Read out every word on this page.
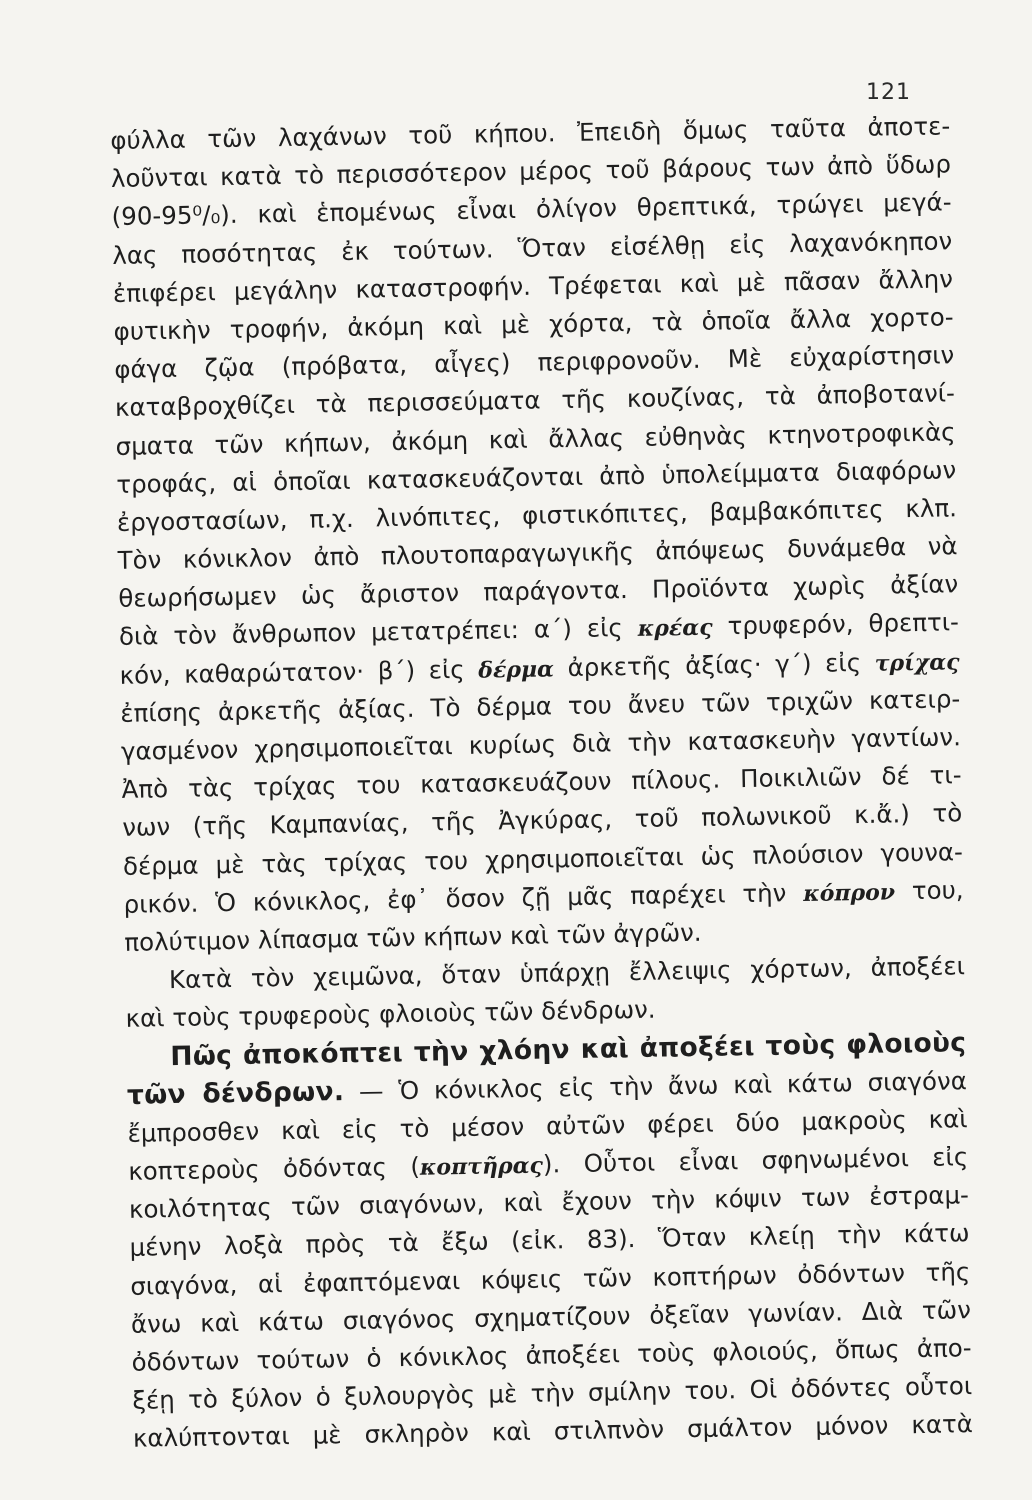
121
φύλλα τῶν λαχάνων τοῦ κήπου. Ἐπειδὴ ὅμως ταῦτα ἀποτε-
λοῦνται κατὰ τὸ περισσότερον μέρος τοῦ βάρους των ἀπὸ ὕδωρ
(90-95⁰/₀). καὶ ἑπομένως εἶναι ὀλίγον θρεπτικά, τρώγει μεγά-
λας ποσότητας ἐκ τούτων. Ὅταν εἰσέλθῃ εἰς λαχανόκηπον
ἐπιφέρει μεγάλην καταστροφήν. Τρέφεται καὶ μὲ πᾶσαν ἄλλην
φυτικὴν τροφήν, ἀκόμη καὶ μὲ χόρτα, τὰ ὁποῖα ἄλλα χορτο-
φάγα ζῷα (πρόβατα, αἶγες) περιφρονοῦν. Μὲ εὐχαρίστησιν
καταβροχθίζει τὰ περισσεύματα τῆς κουζίνας, τὰ ἀποβοτανί-
σματα τῶν κήπων, ἀκόμη καὶ ἄλλας εὐθηνὰς κτηνοτροφικὰς
τροφάς, αἱ ὁποῖαι κατασκευάζονται ἀπὸ ὑπολείμματα διαφόρων
ἐργοστασίων, π.χ. λινόπιτες, φιστικόπιτες, βαμβακόπιτες κλπ.
Τὸν κόνικλον ἀπὸ πλουτοπαραγωγικῆς ἀπόψεως δυνάμεθα νὰ
θεωρήσωμεν ὡς ἄριστον παράγοντα. Προϊόντα χωρὶς ἀξίαν
διὰ τὸν ἄνθρωπον μετατρέπει: α΄) εἰς κρέας τρυφερόν, θρεπτι-
κόν, καθαρώτατον· β΄) εἰς δέρμα ἀρκετῆς ἀξίας· γ΄) εἰς τρίχας
ἐπίσης ἀρκετῆς ἀξίας. Τὸ δέρμα του ἄνευ τῶν τριχῶν κατειρ-
γασμένον χρησιμοποιεῖται κυρίως διὰ τὴν κατασκευὴν γαντίων.
Ἀπὸ τὰς τρίχας του κατασκευάζουν πίλους. Ποικιλιῶν δέ τι-
νων (τῆς Καμπανίας, τῆς Ἀγκύρας, τοῦ πολωνικοῦ κ.ἄ.) τὸ
δέρμα μὲ τὰς τρίχας του χρησιμοποιεῖται ὡς πλούσιον γουνα-
ρικόν. Ὁ κόνικλος, ἐφ᾽ ὅσον ζῇ μᾶς παρέχει τὴν κόπρον του,
πολύτιμον λίπασμα τῶν κήπων καὶ τῶν ἀγρῶν.
Κατὰ τὸν χειμῶνα, ὅταν ὑπάρχῃ ἔλλειψις χόρτων, ἀποξέει
καὶ τοὺς τρυφεροὺς φλοιοὺς τῶν δένδρων.
Πῶς ἀποκόπτει τὴν χλόην καὶ ἀποξέει τοὺς φλοιοὺς
τῶν δένδρων. — Ὁ κόνικλος εἰς τὴν ἄνω καὶ κάτω σιαγόνα
ἔμπροσθεν καὶ εἰς τὸ μέσον αὐτῶν φέρει δύο μακροὺς καὶ
κοπτεροὺς ὀδόντας (κοπτῆρας). Οὗτοι εἶναι σφηνωμένοι εἰς
κοιλότητας τῶν σιαγόνων, καὶ ἔχουν τὴν κόψιν των ἐστραμ-
μένην λοξὰ πρὸς τὰ ἔξω (εἰκ. 83). Ὅταν κλείῃ τὴν κάτω
σιαγόνα, αἱ ἐφαπτόμεναι κόψεις τῶν κοπτήρων ὀδόντων τῆς
ἄνω καὶ κάτω σιαγόνος σχηματίζουν ὀξεῖαν γωνίαν. Διὰ τῶν
ὀδόντων τούτων ὁ κόνικλος ἀποξέει τοὺς φλοιούς, ὅπως ἀπο-
ξέῃ τὸ ξύλον ὁ ξυλουργὸς μὲ τὴν σμίλην του. Οἱ ὀδόντες οὗτοι
καλύπτονται μὲ σκληρὸν καὶ στιλπνὸν σμάλτον μόνον κατὰ
